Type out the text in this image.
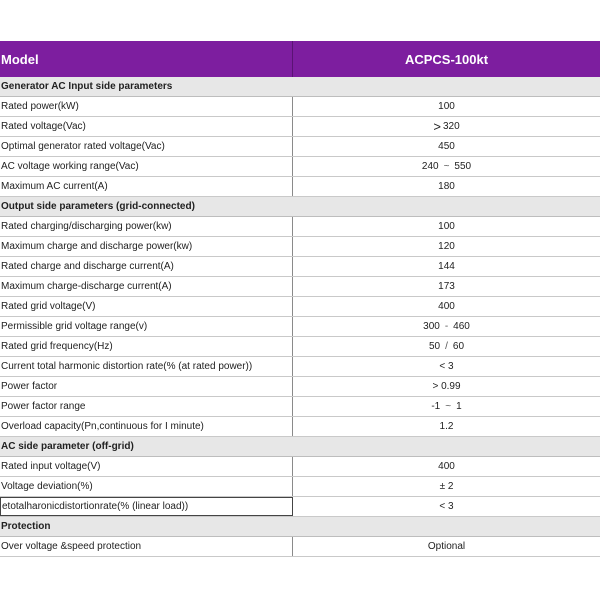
Model	ACPCS-100kt
Generator AC Input side parameters
Rated power(kW)	100
Rated voltage(Vac)	> 320
Optimal generator rated voltage(Vac)	450
AC voltage working range(Vac)	240 ~ 550
Maximum AC current(A)	180
Output side parameters (grid-connected)
Rated charging/discharging power(kw)	100
Maximum charge and discharge power(kw)	120
Rated charge and discharge current(A)	144
Maximum charge-discharge current(A)	173
Rated grid voltage(V)	400
Permissible grid voltage range(v)	300 - 460
Rated grid frequency(Hz)	50 / 60
Current total harmonic distortion rate(% (at rated power))	< 3
Power factor	> 0.99
Power factor range	-1 ~ 1
Overload capacity(Pn,continuous for I minute)	1.2
AC side parameter (off-grid)
Rated input voltage(V)	400
Voltage deviation(%)	± 2
etotalharonicdistortionrate(% (linear load))	< 3
Protection
Over voltage &speed protection	Optional
